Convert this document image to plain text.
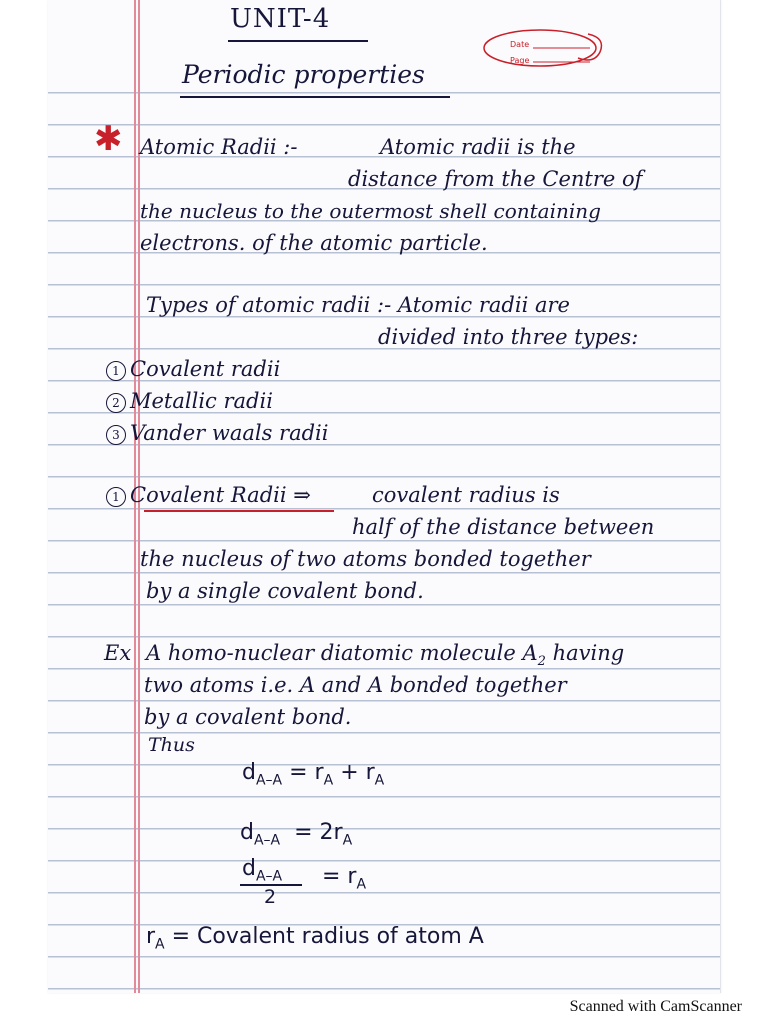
UNIT-4
Date
Page
Periodic properties
✱ Atomic Radii :-	Atomic radii is the
distance from the Centre of
the nucleus to the outermost shell containing
electrons. of the atomic particle.
Types of atomic radii :- Atomic radii are
divided into three types:
1 Covalent radii
2 Metallic radii
3 Vander waals radii
1 Covalent Radii ⇒	covalent radius is
half of the distance between
the nucleus of two atoms bonded together
by a single covalent bond.
Ex A homo-nuclear diatomic molecule $A_2$ having
two atoms i.e. A and A bonded together
by a covalent bond.
Thus
$d_{A-A} = r_A + r_A$
$d_{A-A} = 2r_A$
$d_{A-A}$
2
= $r_A$
$r_A$ = Covalent radius of atom A
Scanned with CamScanner
